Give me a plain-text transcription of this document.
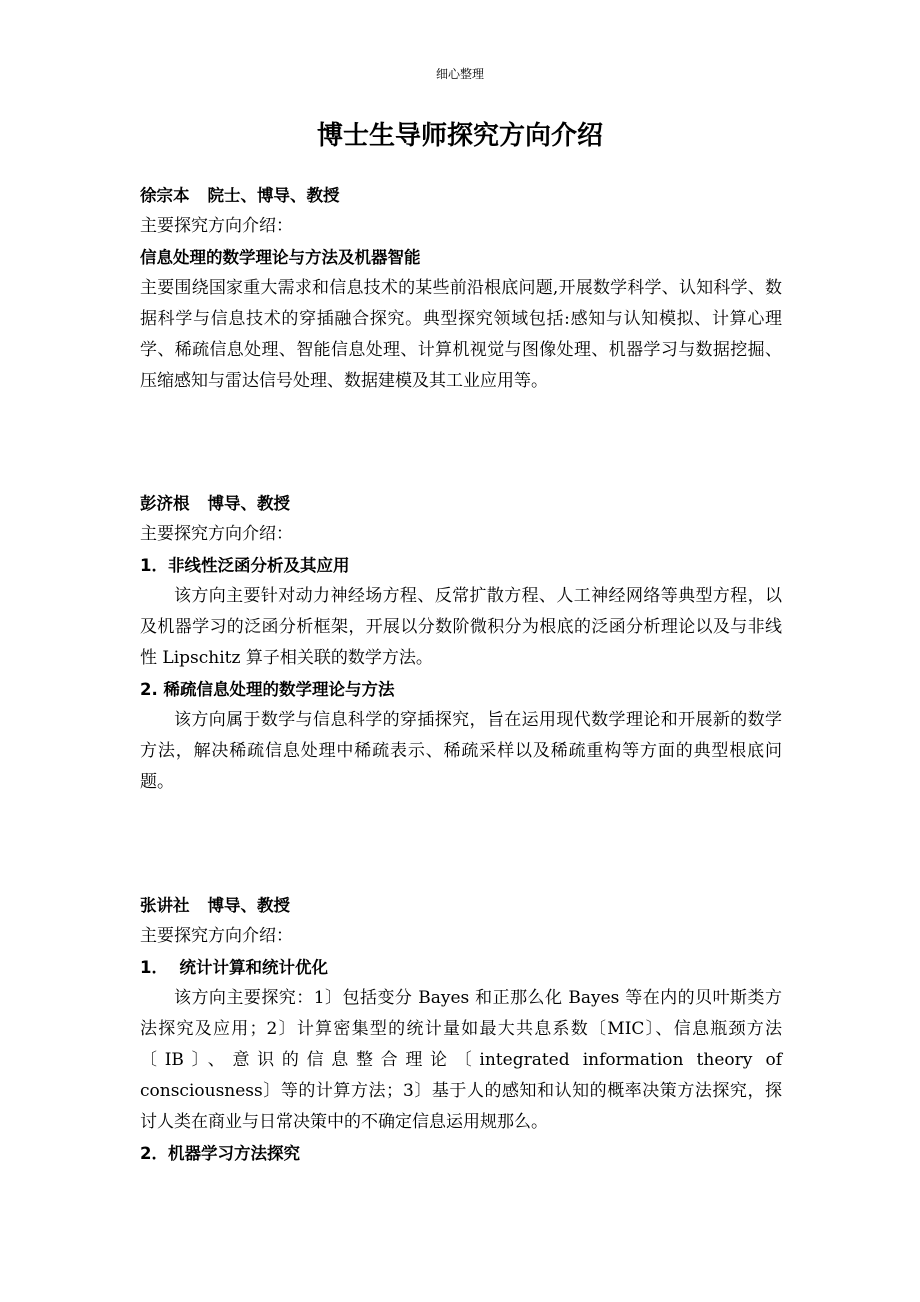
细心整理
博士生导师探究方向介绍
徐宗本 院士、博导、教授
主要探究方向介绍：
信息处理的数学理论与方法及机器智能
主要围绕国家重大需求和信息技术的某些前沿根底问题,开展数学科学、认知科学、数据科学与信息技术的穿插融合探究。典型探究领域包括:感知与认知模拟、计算心理学、稀疏信息处理、智能信息处理、计算机视觉与图像处理、机器学习与数据挖掘、压缩感知与雷达信号处理、数据建模及其工业应用等。
彭济根 博导、教授
主要探究方向介绍：
1．非线性泛函分析及其应用
该方向主要针对动力神经场方程、反常扩散方程、人工神经网络等典型方程，以及机器学习的泛函分析框架，开展以分数阶微积分为根底的泛函分析理论以及与非线性 Lipschitz 算子相关联的数学方法。
2. 稀疏信息处理的数学理论与方法
该方向属于数学与信息科学的穿插探究，旨在运用现代数学理论和开展新的数学方法，解决稀疏信息处理中稀疏表示、稀疏采样以及稀疏重构等方面的典型根底问题。
张讲社 博导、教授
主要探究方向介绍：
1．  统计计算和统计优化
该方向主要探究：1〕包括变分 Bayes 和正那么化 Bayes 等在内的贝叶斯类方法探究及应用；2〕计算密集型的统计量如最大共息系数〔MIC〕、信息瓶颈方法〔IB〕、意识的信息整合理论〔integrated information theory of consciousness〕等的计算方法；3〕基于人的感知和认知的概率决策方法探究，探讨人类在商业与日常决策中的不确定信息运用规那么。
2．机器学习方法探究
